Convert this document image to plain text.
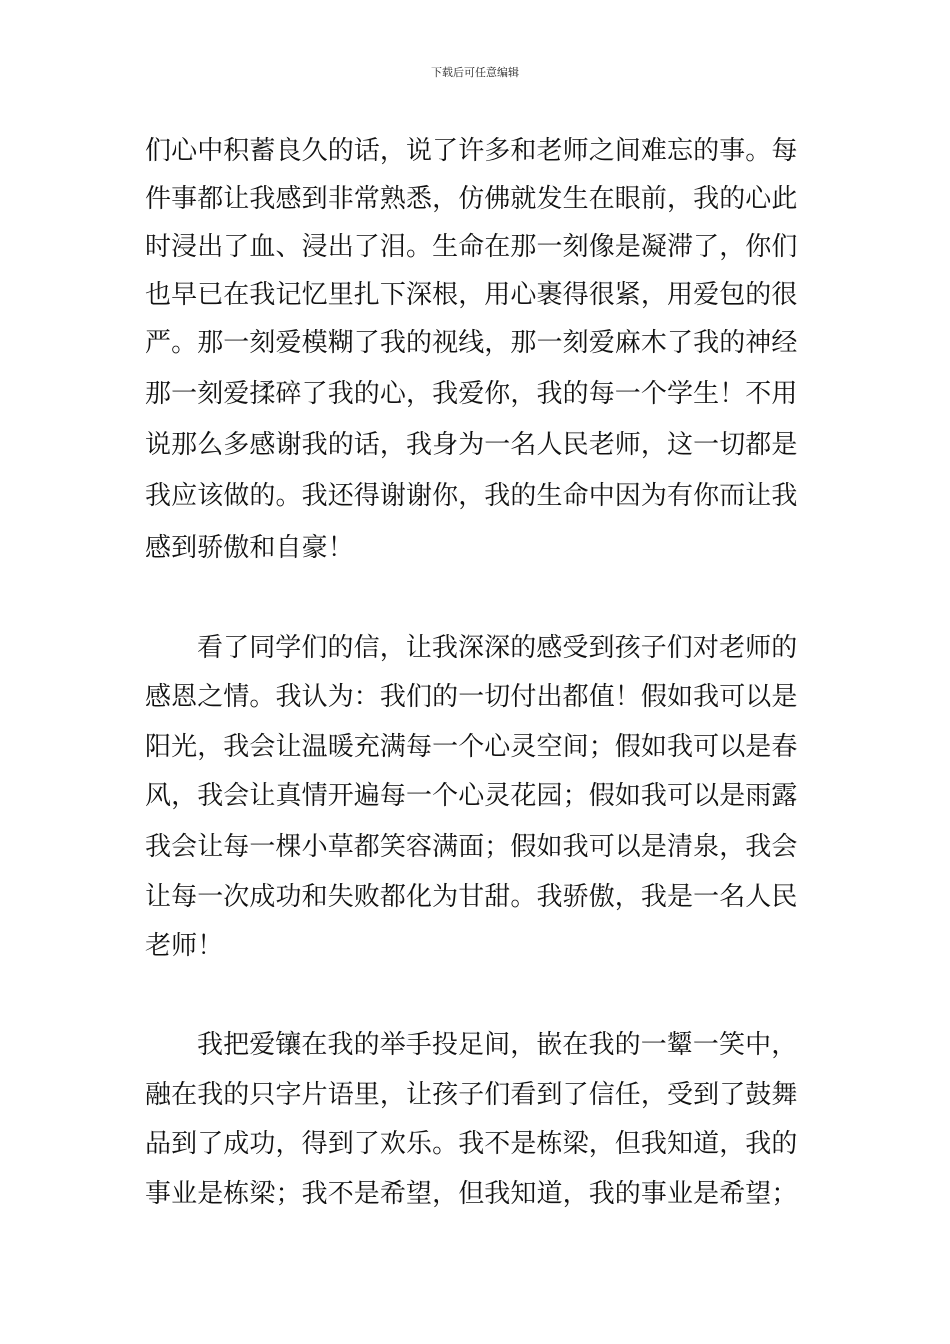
下载后可任意编辑
们心中积蓄良久的话，说了许多和老师之间难忘的事。每
件事都让我感到非常熟悉，仿佛就发生在眼前，我的心此
时浸出了血、浸出了泪。生命在那一刻像是凝滞了，你们
也早已在我记忆里扎下深根，用心裹得很紧，用爱包的很
严。那一刻爱模糊了我的视线，那一刻爱麻木了我的神经
那一刻爱揉碎了我的心，我爱你，我的每一个学生！不用
说那么多感谢我的话，我身为一名人民老师，这一切都是
我应该做的。我还得谢谢你，我的生命中因为有你而让我
感到骄傲和自豪！
看了同学们的信，让我深深的感受到孩子们对老师的
感恩之情。我认为：我们的一切付出都值！假如我可以是
阳光，我会让温暖充满每一个心灵空间；假如我可以是春
风，我会让真情开遍每一个心灵花园；假如我可以是雨露
我会让每一棵小草都笑容满面；假如我可以是清泉，我会
让每一次成功和失败都化为甘甜。我骄傲，我是一名人民
老师！
我把爱镶在我的举手投足间，嵌在我的一颦一笑中，
融在我的只字片语里，让孩子们看到了信任，受到了鼓舞
品到了成功，得到了欢乐。我不是栋梁，但我知道，我的
事业是栋梁；我不是希望，但我知道，我的事业是希望；
